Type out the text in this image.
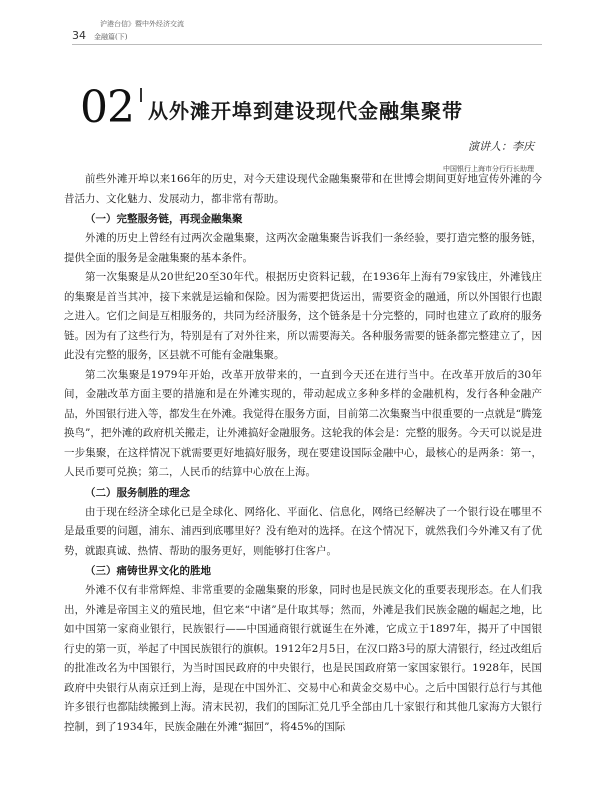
沪港台信》暨中外经济交流
34 金融篇(下)
02 从外滩开埠到建设现代金融集聚带
演讲人：李庆
中国银行上海市分行行长助理

前些外滩开埠以来166年的历史，对今天建设现代金融集聚带和在世博会期间更好地宣传外滩的今昔活力、文化魅力、发展动力，都非常有帮助。

（一）完整服务链，再现金融集聚

外滩的历史上曾经有过两次金融集聚，这两次金融集聚告诉我们一条经验，要打造完整的服务链，提供全面的服务是金融集聚的基本条件。

第一次集聚是从20世纪20至30年代。根据历史资料记载，在1936年上海有79家钱庄，外滩钱庄的集聚是首当其冲，接下来就是运输和保险。因为需要把货运出，需要资金的融通，所以外国银行也跟之进入。它们之间是互相服务的，共同为经济服务，这个链条是十分完整的，同时也建立了政府的服务链。因为有了这些行为，特别是有了对外往来，所以需要海关。各种服务需要的链条都完整建立了，因此没有完整的服务，区县就不可能有金融集聚。

第二次集聚是1979年开始，改革开放带来的，一直到今天还在进行当中。在改革开放后的30年间，金融改革方面主要的措施和是在外滩实现的，带动起成立多种多样的金融机构，发行各种金融产品，外国银行进入等，都发生在外滩。我觉得在服务方面，目前第二次集聚当中很重要的一点就是“腾笼换鸟”，把外滩的政府机关搬走，让外滩搞好金融服务。这轮我的体会是：完整的服务。今天可以说是进一步集聚，在这样情况下就需要更好地搞好服务，现在要建设国际金融中心，最核心的是两条：第一，人民币要可兑换；第二，人民币的结算中心放在上海。

（二）服务制胜的理念

由于现在经济全球化已是全球化、网络化、平面化、信息化，网络已经解决了一个银行设在哪里不是最重要的问题，浦东、浦西到底哪里好？没有绝对的选择。在这个情况下，就然我们今外滩又有了优势，就跟真诚、热情、帮助的服务更好，则能够打住客户。

（三）痛铸世界文化的胜地

外滩不仅有非常辉煌、非常重要的金融集聚的形象，同时也是民族文化的重要表现形态。在人们我出，外滩是帝国主义的殖民地，但它来“中诸”是什取其辱；然而，外滩是我们民族金融的崛起之地，比如中国第一家商业银行，民族银行——中国通商银行就诞生在外滩，它成立于1897年，揭开了中国银行史的第一页，举起了中国民族银行的旗帜。1912年2月5日，在汉口路3号的原大清银行，经过改组后的批准改名为中国银行，为当时国民政府的中央银行，也是民国政府第一家国家银行。1928年，民国政府中央银行从南京迁到上海，是现在中国外汇、交易中心和黄金交易中心。之后中国银行总行与其他许多银行也都陆续搬到上海。清末民初，我们的国际汇兑几乎全部由几十家银行和其他几家海方大银行控制，到了1934年，民族金融在外滩“掘回”，将45%的国际
